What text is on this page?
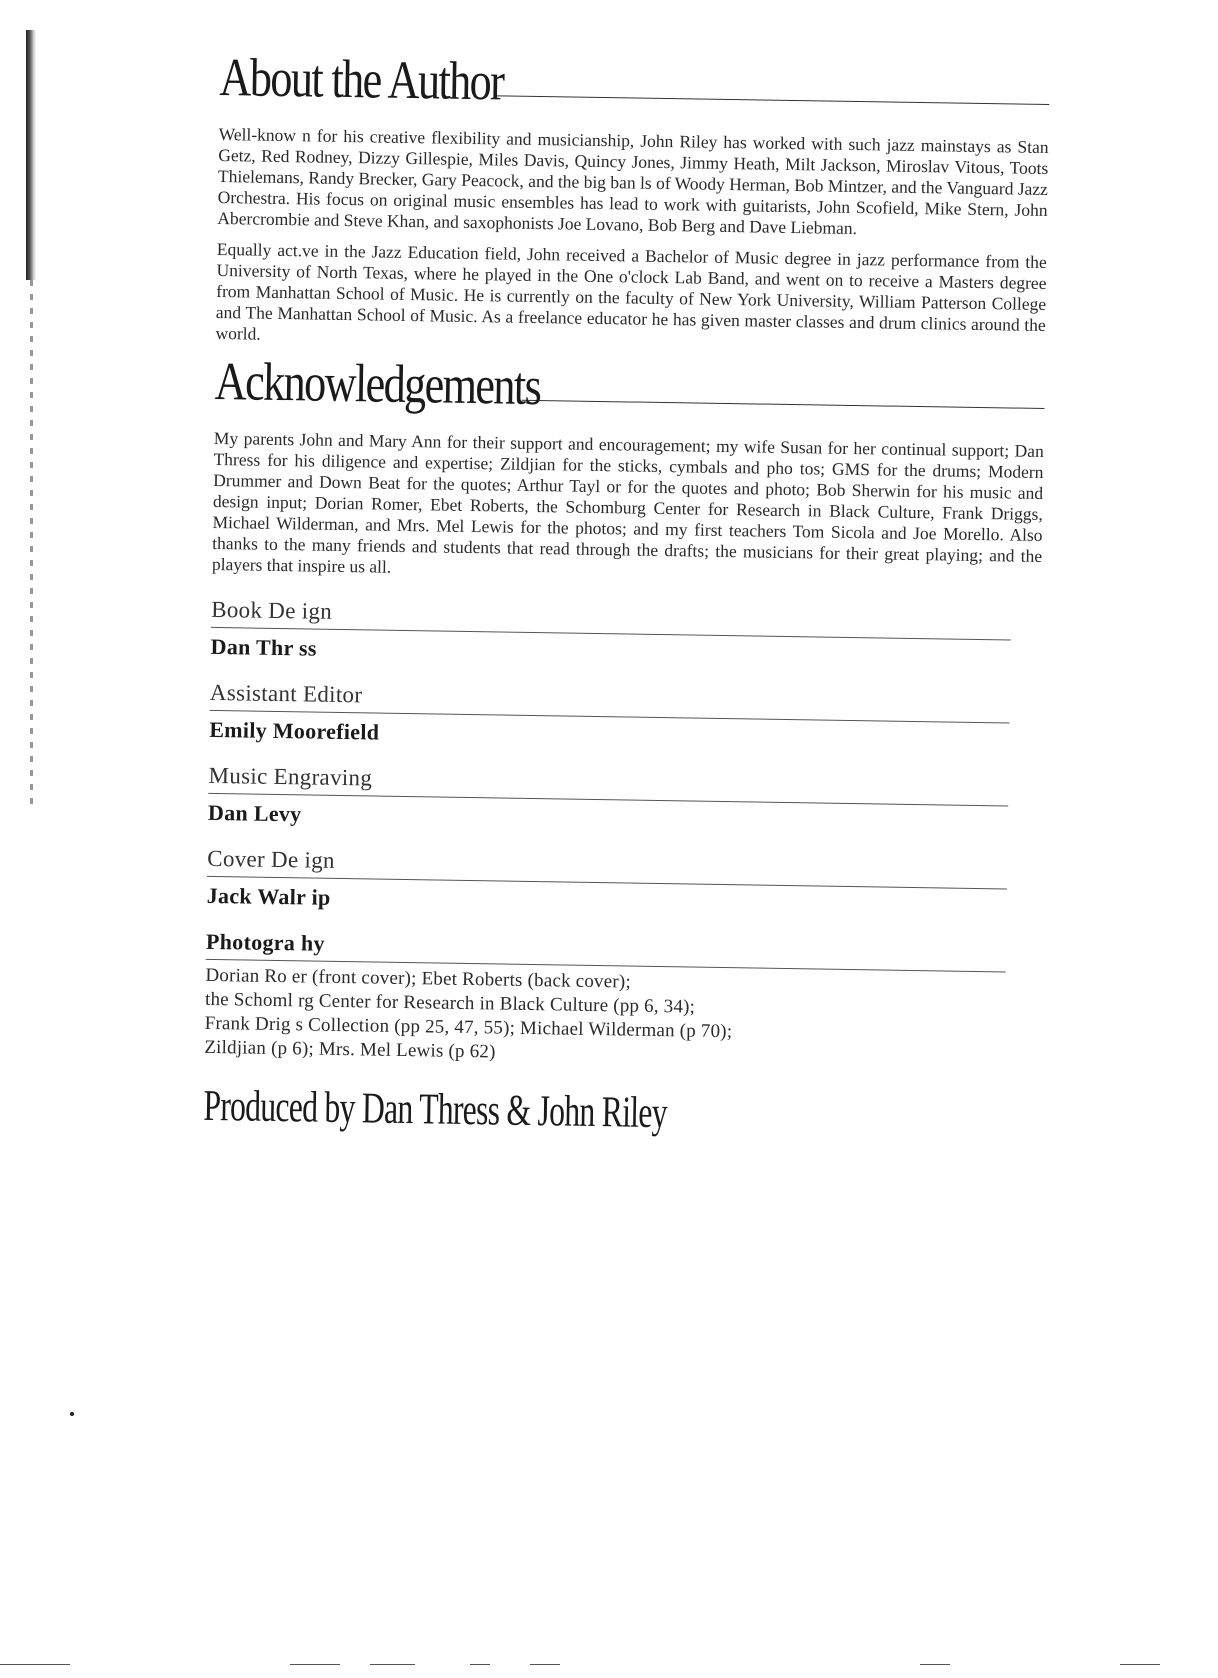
About the Author

Well-know n for his creative flexibility and musicianship, John Riley has worked with such jazz mainstays as Stan Getz, Red Rodney, Dizzy Gillespie, Miles Davis, Quincy Jones, Jimmy Heath, Milt Jackson, Miroslav Vitous, Toots Thielemans, Randy Brecker, Gary Peacock, and the big ban ls of Woody Herman, Bob Mintzer, and the Vanguard Jazz Orchestra. His focus on original music ensembles has lead to work with guitarists, John Scofield, Mike Stern, John Abercrombie and Steve Khan, and saxophonists Joe Lovano, Bob Berg and Dave Liebman.

Equally act.ve in the Jazz Education field, John received a Bachelor of Music degree in jazz performance from the University of North Texas, where he played in the One o'clock Lab Band, and went on to receive a Masters degree from Manhattan School of Music. He is currently on the faculty of New York University, William Patterson College and The Manhattan School of Music. As a freelance educator he has given master classes and drum clinics around the world.

Acknowledgements

My parents John and Mary Ann for their support and encouragement; my wife Susan for her continual support; Dan Thress for his diligence and expertise; Zildjian for the sticks, cymbals and pho tos; GMS for the drums; Modern Drummer and Down Beat for the quotes; Arthur Tayl or for the quotes and photo; Bob Sherwin for his music and design input; Dorian Romer, Ebet Roberts, the Schomburg Center for Research in Black Culture, Frank Driggs, Michael Wilderman, and Mrs. Mel Lewis for the photos; and my first teachers Tom Sicola and Joe Morello. Also thanks to the many friends and students that read through the drafts; the musicians for their great playing; and the players that inspire us all.

Book De ign
Dan Thr ss
Assistant Editor
Emily Moorefield
Music Engraving
Dan Levy
Cover De ign
Jack Walr ip
Photogra hy
Dorian Ro er (front cover); Ebet Roberts (back cover);
the Schoml rg Center for Research in Black Culture (pp 6, 34);
Frank Drig s Collection (pp 25, 47, 55); Michael Wilderman (p 70);
Zildjian (p 6); Mrs. Mel Lewis (p 62)
Produced by Dan Thress & John Riley
